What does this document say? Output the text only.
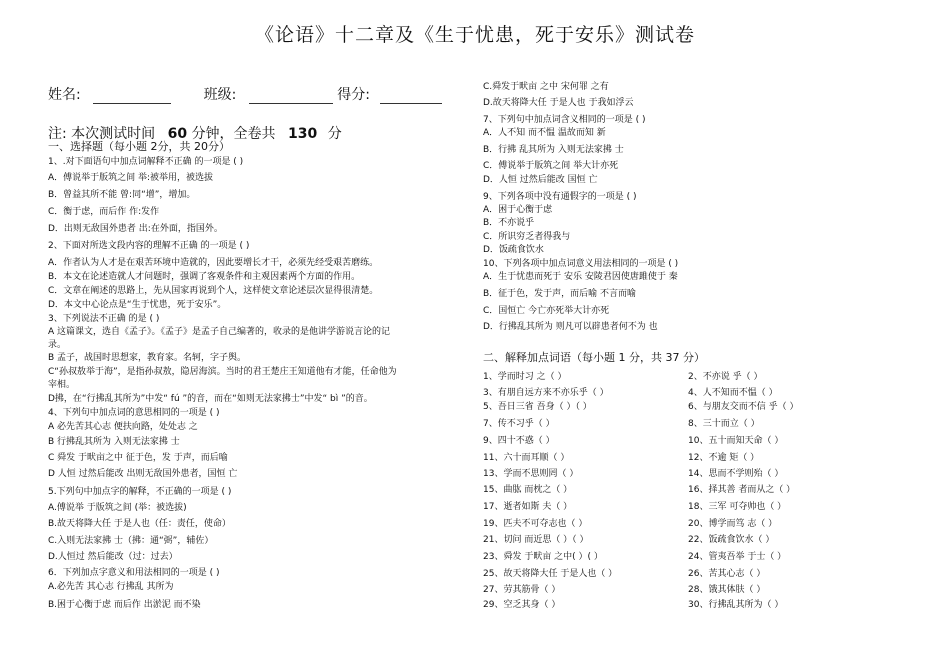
《论语》十二章及《生于忧患，死于安乐》测试卷
姓名:	班级:	得分:
注: 本次测试时间 60 分钟，全卷共 130 分
一、选择题（每小题 2分，共 20分）
1、.对下面语句中加点词解释不正确 的一项是 ( )
A．傅说举于版筑之间 举:被举用，被选拔
B．曾益其所不能 曾:同“增”，增加。
C．衡于虑，而后作 作:发作
D．出则无敌国外患者 出:在外面，指国外。
2、下面对所选文段内容的理解不正确 的一项是 ( )
A．作者认为人才是在艰苦环境中造就的，因此要增长才干，必须先经受艰苦磨练。
B．本文在论述造就人才问题时，强调了客观条件和主观因素两个方面的作用。
C．文章在阐述的思路上，先从国家再说到个人，这样使文章论述层次显得很清楚。
D．本文中心论点是“生于忧患，死于安乐”。
3、下列说法不正确 的是 ( )
A 这篇课文，选自《孟子》。《孟子》是孟子自己编著的，收录的是他讲学游说言论的记
录。
B 孟子，战国时思想家，教育家。名轲，字子舆。
C“孙叔敖举于海”，是指孙叔敖，隐居海滨。当时的君王楚庄王知道他有才能，任命他为
宰相。
D拂，在“行拂乱其所为”中发“ fú ”的音，而在“如则无法家拂士”中发“ bì ”的音。
4、下列句中加点词的意思相同的一项是 ( )
A 必先苦其心志 便扶向路，处处志 之
B 行拂乱其所为 入则无法家拂 士
C 舜发 于畎亩之中 征于色，发 于声，而后喻
D 人恒 过然后能改 出则无敌国外患者，国恒 亡
5.下列句中加点字的解释，不正确的一项是 ( )
A.傅说举 于版筑之间 (举：被选拔)
B.故天将降大任 于是人也（任：责任，使命）
C.入则无法家拂 士（拂：通“弼”，辅佐）
D.人恒过 然后能改（过：过去）
6．下列加点字意义和用法相同的一项是 ( )
A.必先苦 其心志 行拂乱 其所为
B.困于心衡于虑 而后作 出淤泥 而不染
C.舜发于畎亩 之中 宋何罪 之有
D.故天将降大任 于是人也 于我如浮云
7、下列句中加点词含义相同的一项是 ( )
A．人不知 而不愠 温故而知 新
B．行拂 乱其所为 入则无法家拂 士
C．傅说举于版筑之间 举大计亦死
D．人恒 过然后能改 国恒 亡
9、下列各项中没有通假字的一项是 ( )
A．困于心衡于虑
B．不亦说乎
C．所识穷乏者得我与
D．饭疏食饮水
10、下列各项中加点词意义用法相同的一项是 ( )
A．生于忧患而死于 安乐 安陵君因使唐雎使于 秦
B．征于色，发于声，而后喻 不言而喻
C．国恒亡 今亡亦死举大计亦死
D．行拂乱其所为 则凡可以辟患者何不为 也
二、解释加点词语（每小题 1 分，共 37 分）
1、学而时习 之（ ）
3、有朋自远方来不亦乐乎（ ）
5、吾日三省 吾身（ ）（ ）
7、传不习乎（ ）
9、四十不惑（ ）
11、六十而耳顺（ ）
13、学而不思则罔（ ）
15、曲肱 而枕之（ ）
17、逝者如斯 夫（ ）
19、匹夫不可夺志也（ ）
21、切问 而近思（ ）（ ）
23、舜发 于畎亩 之中( ）( ）
25、故天将降大任 于是人也（ ）
27、劳其筋骨（ ）
29、空乏其身（ ）
2、不亦说 乎（ ）
4、人不知而不愠（ ）
6、与朋友交而不信 乎（ ）
8、三十而立（ ）
10、五十而知天命（ ）
12、不逾 矩（ ）
14、思而不学则殆（ ）
16、择其善 者而从之（ ）
18、三军 可夺帅也（ ）
20、博学而笃 志（ ）
22、饭疏食饮水（ ）
24、管夷吾举 于士（ ）
26、苦其心志（ ）
28、饿其体肤（ ）
30、行拂乱其所为（ ）
